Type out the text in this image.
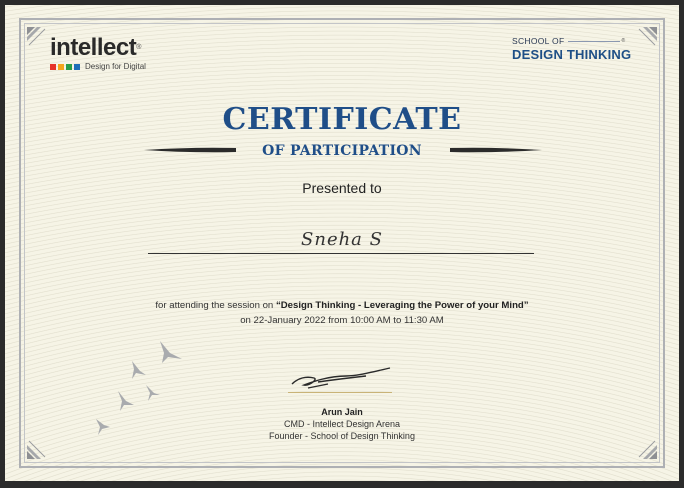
intellect®
Design for Digital
SCHOOL OF	®
DESIGN THINKING
CERTIFICATE
OF PARTICIPATION
Presented to
Sneha S
for attending the session on “Design Thinking - Leveraging the Power of your Mind”
on 22-January 2022 from 10:00 AM to 11:30 AM
Arun Jain
CMD - Intellect Design Arena
Founder - School of Design Thinking
